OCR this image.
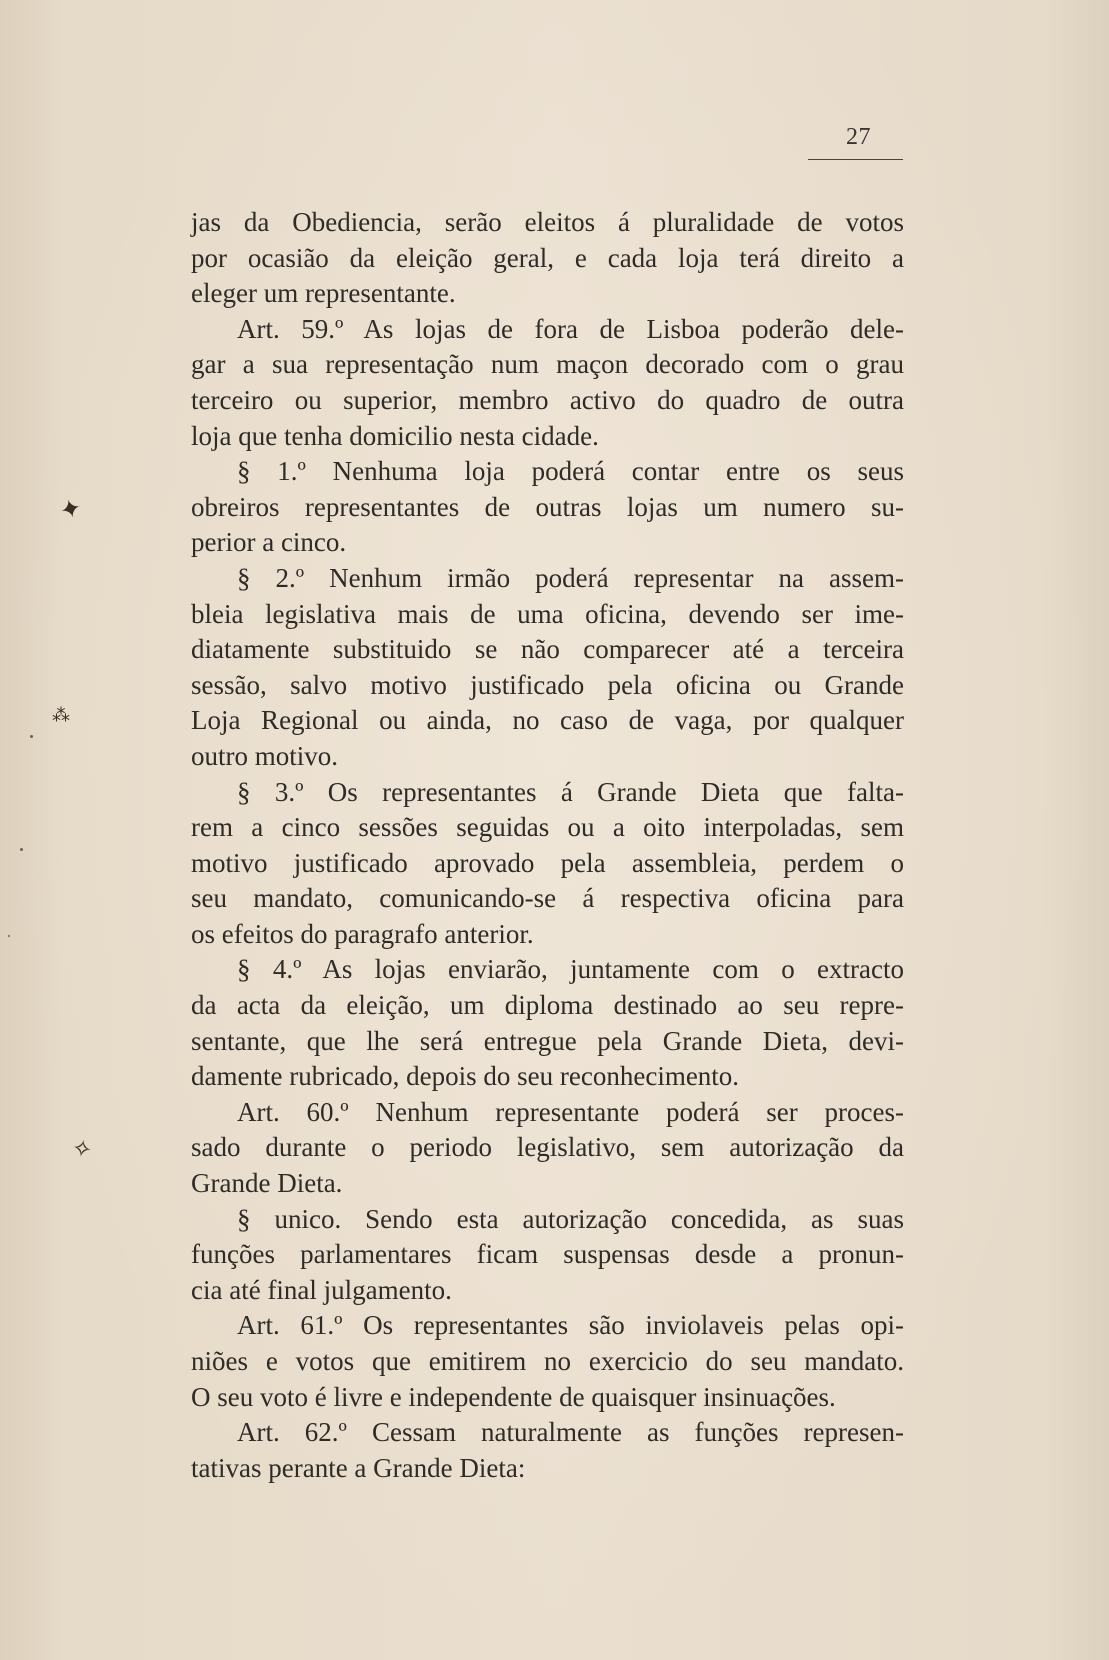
27
✦
⁂
✧
jas da Obediencia, serão eleitos á pluralidade de votos
por ocasião da eleição geral, e cada loja terá direito a
eleger um representante.
Art. 59.º As lojas de fora de Lisboa poderão dele-
gar a sua representação num maçon decorado com o grau
terceiro ou superior, membro activo do quadro de outra
loja que tenha domicilio nesta cidade.
§ 1.º Nenhuma loja poderá contar entre os seus
obreiros representantes de outras lojas um numero su-
perior a cinco.
§ 2.º Nenhum irmão poderá representar na assem-
bleia legislativa mais de uma oficina, devendo ser ime-
diatamente substituido se não comparecer até a terceira
sessão, salvo motivo justificado pela oficina ou Grande
Loja Regional ou ainda, no caso de vaga, por qualquer
outro motivo.
§ 3.º Os representantes á Grande Dieta que falta-
rem a cinco sessões seguidas ou a oito interpoladas, sem
motivo justificado aprovado pela assembleia, perdem o
seu mandato, comunicando-se á respectiva oficina para
os efeitos do paragrafo anterior.
§ 4.º As lojas enviarão, juntamente com o extracto
da acta da eleição, um diploma destinado ao seu repre-
sentante, que lhe será entregue pela Grande Dieta, devi-
damente rubricado, depois do seu reconhecimento.
Art. 60.º Nenhum representante poderá ser proces-
sado durante o periodo legislativo, sem autorização da
Grande Dieta.
§ unico. Sendo esta autorização concedida, as suas
funções parlamentares ficam suspensas desde a pronun-
cia até final julgamento.
Art. 61.º Os representantes são inviolaveis pelas opi-
niões e votos que emitirem no exercicio do seu mandato.
O seu voto é livre e independente de quaisquer insinuações.
Art. 62.º Cessam naturalmente as funções represen-
tativas perante a Grande Dieta:
